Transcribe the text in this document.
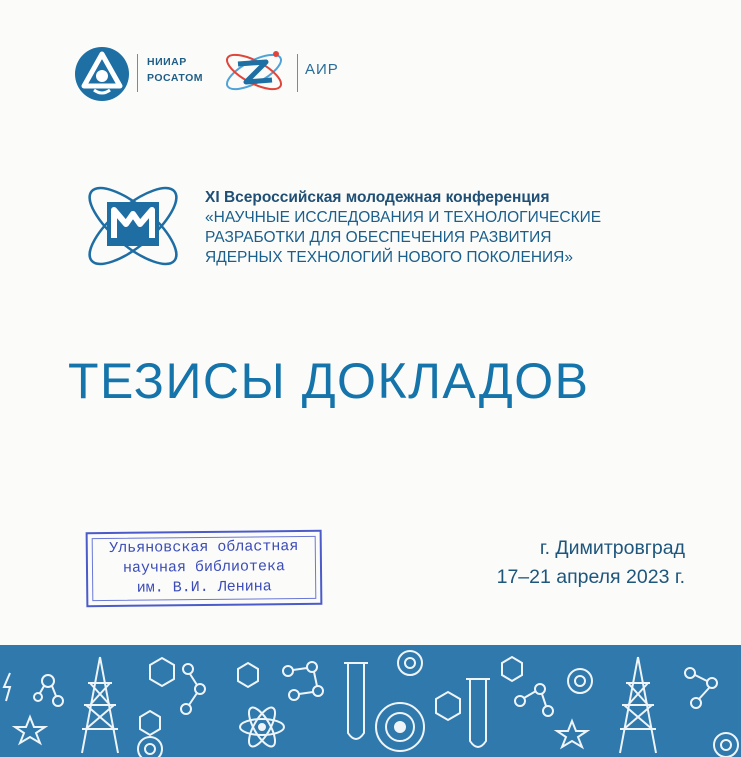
НИИАР
РОСАТОМ	АИР
XI Всероссийская молодежная конференция
«НАУЧНЫЕ ИССЛЕДОВАНИЯ И ТЕХНОЛОГИЧЕСКИЕ
РАЗРАБОТКИ ДЛЯ ОБЕСПЕЧЕНИЯ РАЗВИТИЯ
ЯДЕРНЫХ ТЕХНОЛОГИЙ НОВОГО ПОКОЛЕНИЯ»
ТЕЗИСЫ ДОКЛАДОВ
Ульяновская областная
научная библиотека
им. В.И. Ленина
г. Димитровград
17–21 апреля 2023 г.
